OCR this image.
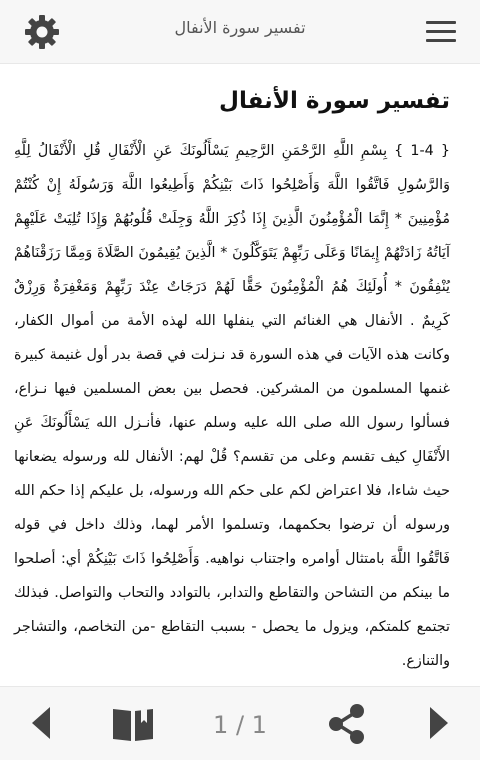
تفسير سورة الأنفال
تفسير سورة الأنفال

{ 1-4 } بِسْمِ اللَّهِ الرَّحْمَنِ الرَّحِيمِ يَسْأَلُونَكَ عَنِ الْأَنْفَالِ قُلِ الْأَنْفَالُ لِلَّهِ وَالرَّسُولِ فَاتَّقُوا اللَّهَ وَأَصْلِحُوا ذَاتَ بَيْنِكُمْ وَأَطِيعُوا اللَّهَ وَرَسُولَهُ إِنْ كُنْتُمْ مُؤْمِنِينَ * إِنَّمَا الْمُؤْمِنُونَ الَّذِينَ إِذَا ذُكِرَ اللَّهُ وَجِلَتْ قُلُوبُهُمْ وَإِذَا تُلِيَتْ عَلَيْهِمْ آيَاتُهُ زَادَتْهُمْ إِيمَانًا وَعَلَى رَبِّهِمْ يَتَوَكَّلُونَ * الَّذِينَ يُقِيمُونَ الصَّلَاةَ وَمِمَّا رَزَقْنَاهُمْ يُنْفِقُونَ * أُولَئِكَ هُمُ الْمُؤْمِنُونَ حَقًّا لَهُمْ دَرَجَاتٌ عِنْدَ رَبِّهِمْ وَمَغْفِرَةٌ وَرِزْقٌ كَرِيمٌ . الأنفال هي الغنائم التي ينفلها الله لهذه الأمة من أموال الكفار، وكانت هذه الآيات في هذه السورة قد نـزلت في قصة بدر أول غنيمة كبيرة غنمها المسلمون من المشركين. فحصل بين بعض المسلمين فيها نـزاع، فسألوا رسول الله صلى الله عليه وسلم عنها، فأنـزل الله يَسْأَلُونَكَ عَنِ الأَنْفَالِ كيف تقسم وعلى من تقسم؟ قُلْ لهم: الأنفال لله ورسوله يضعانها حيث شاءا، فلا اعتراض لكم على حكم الله ورسوله، بل عليكم إذا حكم الله ورسوله أن ترضوا بحكمهما، وتسلموا الأمر لهما، وذلك داخل في قوله فَاتَّقُوا اللَّهَ بامتثال أوامره واجتناب نواهيه. وَأَصْلِحُوا ذَاتَ بَيْنِكُمْ أي: أصلحوا ما بينكم من التشاحن والتقاطع والتدابر، بالتوادد والتحاب والتواصل. فبذلك تجتمع كلمتكم، ويزول ما يحصل - بسبب التقاطع -من التخاصم، والتشاجر والتنازع.

1 / 1
